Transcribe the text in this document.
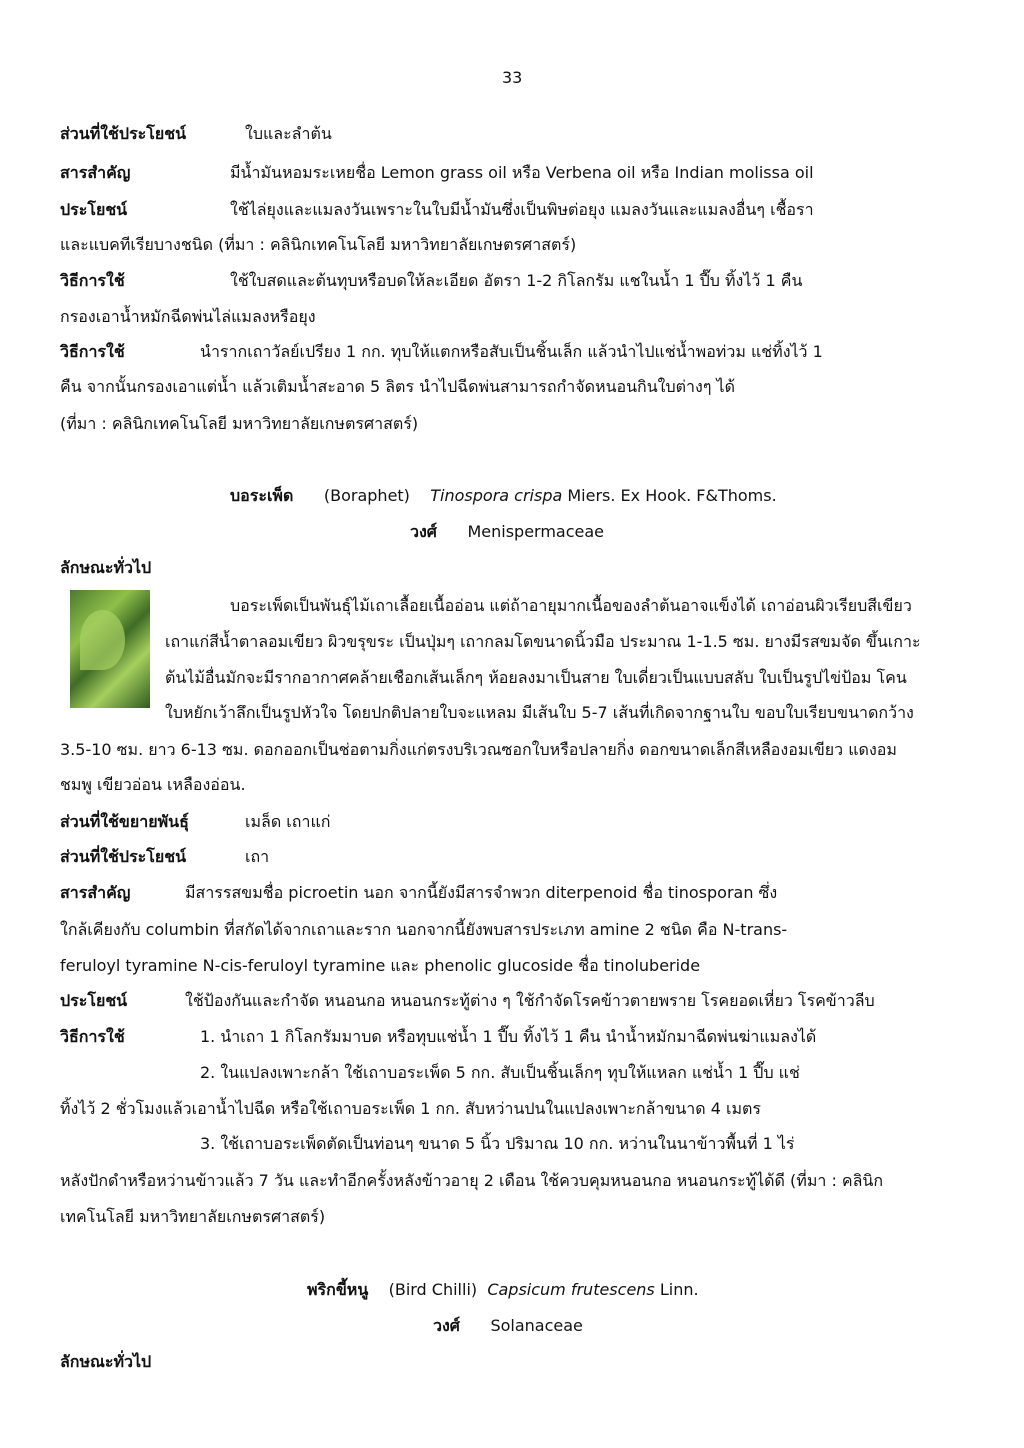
33
ส่วนที่ใช้ประโยชน์	ใบและลำต้น
สารสำคัญ	มีน้ำมันหอมระเหยชื่อ Lemon grass oil หรือ Verbena oil หรือ Indian molissa oil
ประโยชน์	ใช้ไล่ยุงและแมลงวันเพราะในใบมีน้ำมันซึ่งเป็นพิษต่อยุง แมลงวันและแมลงอื่นๆ เชื้อรา
และแบคทีเรียบางชนิด (ที่มา : คลินิกเทคโนโลยี มหาวิทยาลัยเกษตรศาสตร์)
วิธีการใช้	ใช้ใบสดและต้นทุบหรือบดให้ละเอียด อัตรา 1-2 กิโลกรัม แชในน้ำ 1 ปี๊บ ทิ้งไว้ 1 คืน
กรองเอาน้ำหมักฉีดพ่นไล่แมลงหรือยุง
วิธีการใช้	นำรากเถาวัลย์เปรียง 1 กก. ทุบให้แตกหรือสับเป็นชิ้นเล็ก แล้วนำไปแช่น้ำพอท่วม แช่ทิ้งไว้ 1
คืน จากนั้นกรองเอาแต่น้ำ แล้วเติมน้ำสะอาด 5 ลิตร นำไปฉีดพ่นสามารถกำจัดหนอนกินใบต่างๆ ได้
(ที่มา : คลินิกเทคโนโลยี มหาวิทยาลัยเกษตรศาสตร์)
บอระเพ็ด (Boraphet) Tinospora crispa Miers. Ex Hook. F&Thoms.
วงศ์ Menispermaceae
ลักษณะทั่วไป
บอระเพ็ดเป็นพันธุ์ไม้เถาเลื้อยเนื้ออ่อน แต่ถ้าอายุมากเนื้อของลำต้นอาจแข็งได้ เถาอ่อนผิวเรียบสีเขียว
เถาแก่สีน้ำตาลอมเขียว ผิวขรุขระ เป็นปุ่มๆ เถากลมโตขนาดนิ้วมือ ประมาณ 1-1.5 ซม. ยางมีรสขมจัด ขึ้นเกาะ
ต้นไม้อื่นมักจะมีรากอากาศคล้ายเชือกเส้นเล็กๆ ห้อยลงมาเป็นสาย ใบเดี่ยวเป็นแบบสลับ ใบเป็นรูปไข่ป้อม โคน
ใบหยักเว้าลึกเป็นรูปหัวใจ โดยปกติปลายใบจะแหลม มีเส้นใบ 5-7 เส้นที่เกิดจากฐานใบ ขอบใบเรียบขนาดกว้าง
3.5-10 ซม. ยาว 6-13 ซม. ดอกออกเป็นช่อตามกิ่งแก่ตรงบริเวณซอกใบหรือปลายกิ่ง ดอกขนาดเล็กสีเหลืองอมเขียว แดงอม
ชมพู เขียวอ่อน เหลืองอ่อน.
ส่วนที่ใช้ขยายพันธุ์	เมล็ด เถาแก่
ส่วนที่ใช้ประโยชน์	เถา
สารสำคัญ	มีสารรสขมชื่อ picroetin นอก จากนี้ยังมีสารจำพวก diterpenoid ชื่อ tinosporan ซึ่ง
ใกล้เคียงกับ columbin ที่สกัดได้จากเถาและราก นอกจากนี้ยังพบสารประเภท amine 2 ชนิด คือ N-trans-
feruloyl tyramine N-cis-feruloyl tyramine และ phenolic glucoside ชื่อ tinoluberide
ประโยชน์	ใช้ป้องกันและกำจัด หนอนกอ หนอนกระทู้ต่าง ๆ ใช้กำจัดโรคข้าวตายพราย โรคยอดเหี่ยว โรคข้าวลีบ
วิธีการใช้	1. นำเถา 1 กิโลกรัมมาบด หรือทุบแช่น้ำ 1 ปี๊บ ทิ้งไว้ 1 คืน นำน้ำหมักมาฉีดพ่นฆ่าแมลงได้
2. ในแปลงเพาะกล้า ใช้เถาบอระเพ็ด 5 กก. สับเป็นชิ้นเล็กๆ ทุบให้แหลก แช่น้ำ 1 ปี๊บ แช่
ทิ้งไว้ 2 ชั่วโมงแล้วเอาน้ำไปฉีด หรือใช้เถาบอระเพ็ด 1 กก. สับหว่านปนในแปลงเพาะกล้าขนาด 4 เมตร
3. ใช้เถาบอระเพ็ดตัดเป็นท่อนๆ ขนาด 5 นิ้ว ปริมาณ 10 กก. หว่านในนาข้าวพื้นที่ 1 ไร่
หลังปักดำหรือหว่านข้าวแล้ว 7 วัน และทำอีกครั้งหลังข้าวอายุ 2 เดือน ใช้ควบคุมหนอนกอ หนอนกระทู้ได้ดี (ที่มา : คลินิก
เทคโนโลยี มหาวิทยาลัยเกษตรศาสตร์)
พริกขี้หนู (Bird Chilli) Capsicum frutescens Linn.
วงศ์ Solanaceae
ลักษณะทั่วไป
